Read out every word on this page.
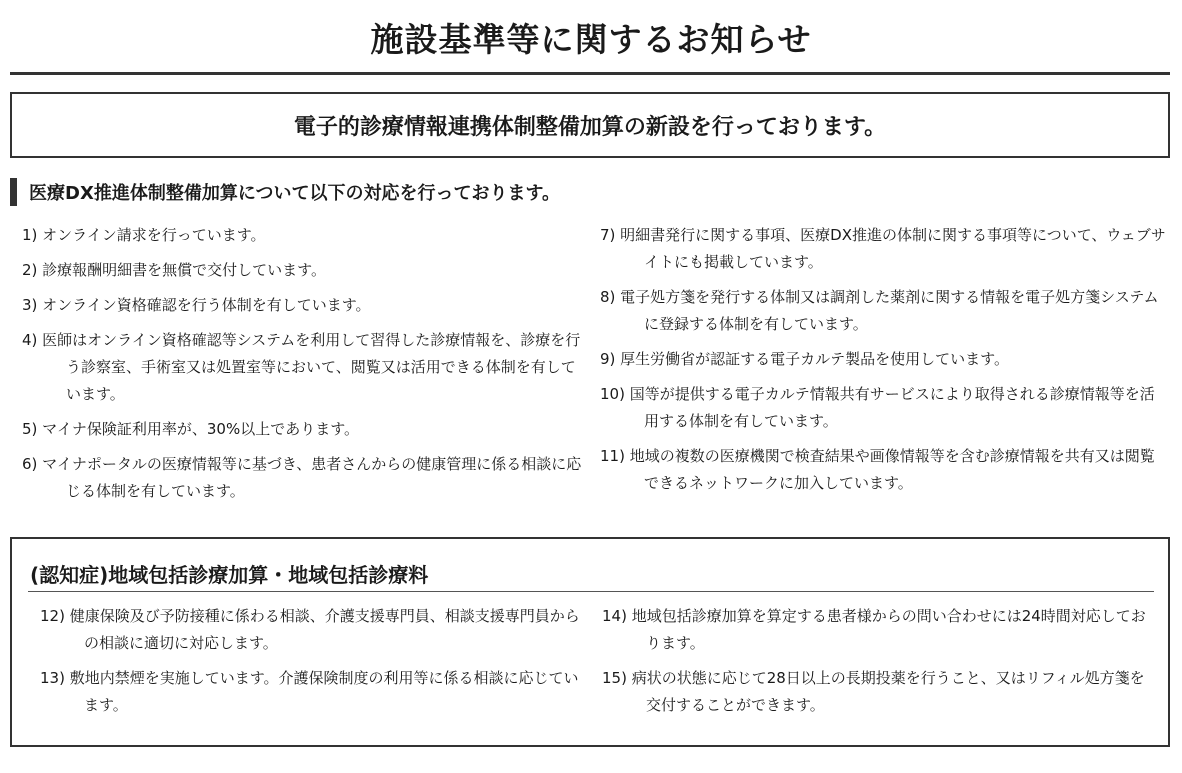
施設基準等に関するお知らせ
電子的診療情報連携体制整備加算の新設を行っております。
医療DX推進体制整備加算について以下の対応を行っております。
1) オンライン請求を行っています。
2) 診療報酬明細書を無償で交付しています。
3) オンライン資格確認を行う体制を有しています。
4) 医師はオンライン資格確認等システムを利用して習得した診療情報を、診療を行う診察室、手術室又は処置室等において、閲覧又は活用できる体制を有しています。
5) マイナ保険証利用率が、30%以上であります。
6) マイナポータルの医療情報等に基づき、患者さんからの健康管理に係る相談に応じる体制を有しています。
7) 明細書発行に関する事項、医療DX推進の体制に関する事項等について、ウェブサイトにも掲載しています。
8) 電子処方箋を発行する体制又は調剤した薬剤に関する情報を電子処方箋システムに登録する体制を有しています。
9) 厚生労働省が認証する電子カルテ製品を使用しています。
10) 国等が提供する電子カルテ情報共有サービスにより取得される診療情報等を活用する体制を有しています。
11) 地域の複数の医療機関で検査結果や画像情報等を含む診療情報を共有又は閲覧できるネットワークに加入しています。
(認知症)地域包括診療加算・地域包括診療料
12) 健康保険及び予防接種に係わる相談、介護支援専門員、相談支援専門員からの相談に適切に対応します。
13) 敷地内禁煙を実施しています。介護保険制度の利用等に係る相談に応じています。
14) 地域包括診療加算を算定する患者様からの問い合わせには24時間対応しております。
15) 病状の状態に応じて28日以上の長期投薬を行うこと、又はリフィル処方箋を交付することができます。
